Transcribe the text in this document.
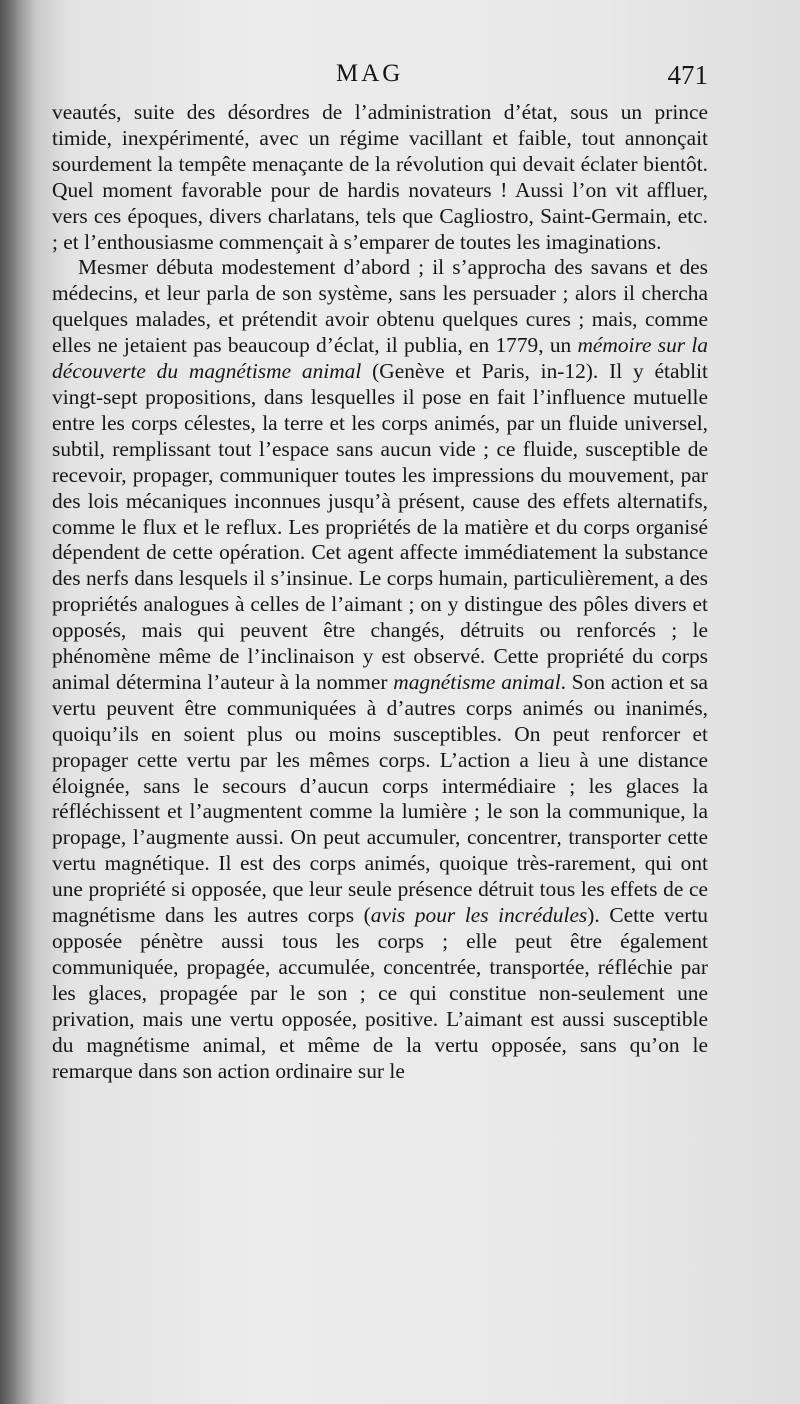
MAG	471

veautés, suite des désordres de l’administration d’état, sous un prince timide, inexpérimenté, avec un régime vacillant et faible, tout annonçait sourdement la tempête menaçante de la révolution qui devait éclater bientôt. Quel moment favorable pour de hardis novateurs ! Aussi l’on vit affluer, vers ces époques, divers charlatans, tels que Cagliostro, Saint-Germain, etc. ; et l’enthousiasme commençait à s’emparer de toutes les imaginations.

Mesmer débuta modestement d’abord ; il s’approcha des savans et des médecins, et leur parla de son système, sans les persuader ; alors il chercha quelques malades, et prétendit avoir obtenu quelques cures ; mais, comme elles ne jetaient pas beaucoup d’éclat, il publia, en 1779, un mémoire sur la découverte du magnétisme animal (Genève et Paris, in-12). Il y établit vingt-sept propositions, dans lesquelles il pose en fait l’influence mutuelle entre les corps célestes, la terre et les corps animés, par un fluide universel, subtil, remplissant tout l’espace sans aucun vide ; ce fluide, susceptible de recevoir, propager, communiquer toutes les impressions du mouvement, par des lois mécaniques inconnues jusqu’à présent, cause des effets alternatifs, comme le flux et le reflux. Les propriétés de la matière et du corps organisé dépendent de cette opération. Cet agent affecte immédiatement la substance des nerfs dans lesquels il s’insinue. Le corps humain, particulièrement, a des propriétés analogues à celles de l’aimant ; on y distingue des pôles divers et opposés, mais qui peuvent être changés, détruits ou renforcés ; le phénomène même de l’inclinaison y est observé. Cette propriété du corps animal détermina l’auteur à la nommer magnétisme animal. Son action et sa vertu peuvent être communiquées à d’autres corps animés ou inanimés, quoiqu’ils en soient plus ou moins susceptibles. On peut renforcer et propager cette vertu par les mêmes corps. L’action a lieu à une distance éloignée, sans le secours d’aucun corps intermédiaire ; les glaces la réfléchissent et l’augmentent comme la lumière ; le son la communique, la propage, l’augmente aussi. On peut accumuler, concentrer, transporter cette vertu magnétique. Il est des corps animés, quoique très-rarement, qui ont une propriété si opposée, que leur seule présence détruit tous les effets de ce magnétisme dans les autres corps (avis pour les incrédules). Cette vertu opposée pénètre aussi tous les corps ; elle peut être également communiquée, propagée, accumulée, concentrée, transportée, réfléchie par les glaces, propagée par le son ; ce qui constitue non-seulement une privation, mais une vertu opposée, positive. L’aimant est aussi susceptible du magnétisme animal, et même de la vertu opposée, sans qu’on le remarque dans son action ordinaire sur le
